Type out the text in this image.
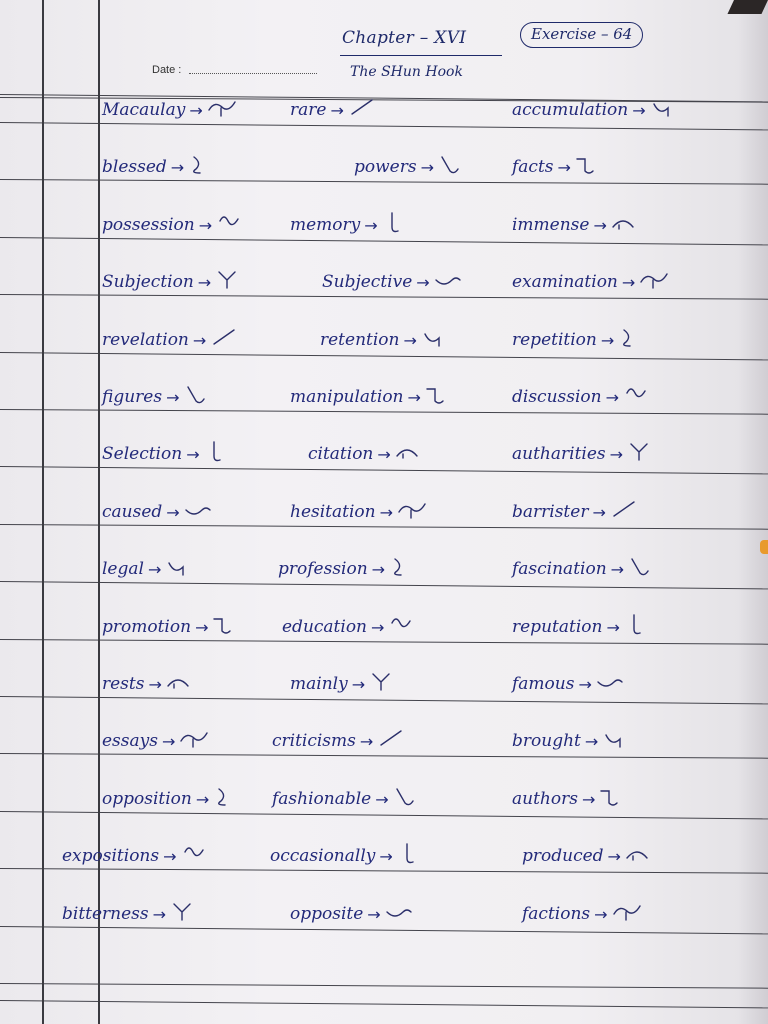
Date :
Chapter – XVI	Exercise – 64
The SHun Hook
Macaulay →	rare →	accumulation →
blessed →	powers →	facts →
possession →	memory →	immense →
Subjection →	Subjective →	examination →
revelation →	retention →	repetition →
figures →	manipulation →	discussion →
Selection →	citation →	autharities →
caused →	hesitation →	barrister →
legal →	profession →	fascination →
promotion →	education →	reputation →
rests →	mainly →	famous →
essays →	criticisms →	brought →
opposition →	fashionable →	authors →
expositions →	occasionally →	produced →
bitterness →	opposite →	factions →
